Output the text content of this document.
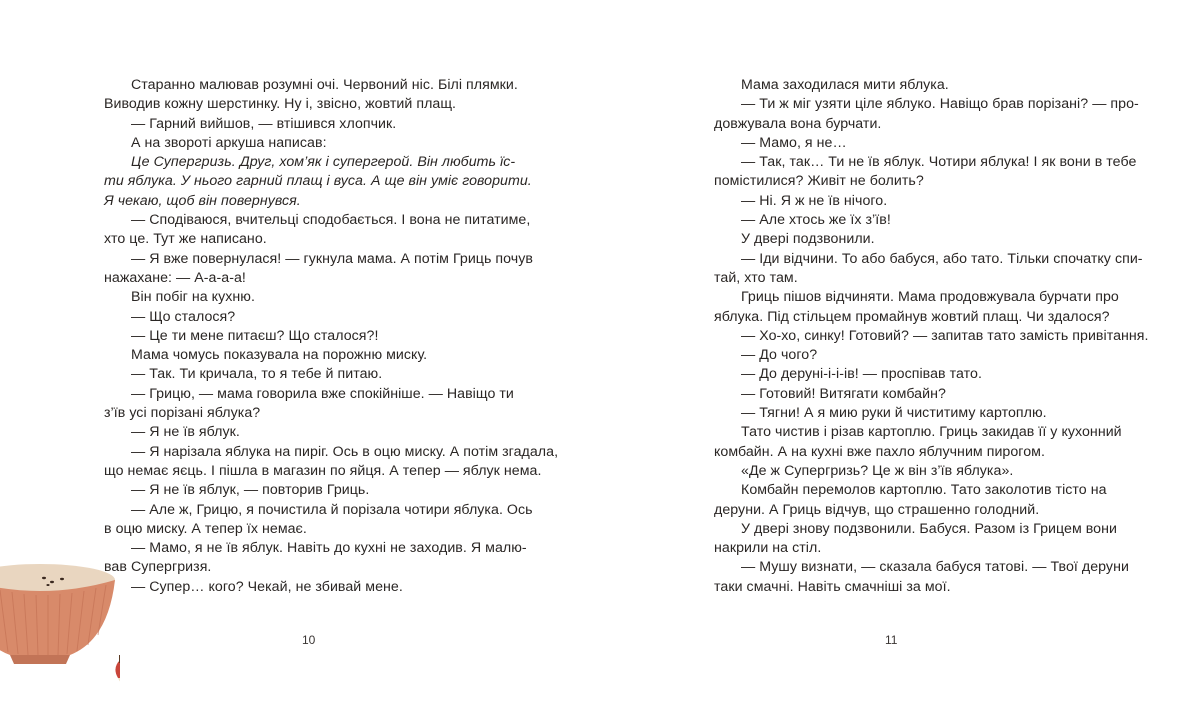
Старанно малював розумні очі. Червоний ніс. Білі плямки.
Виводив кожну шерстинку. Ну і, звісно, жовтий плащ.
— Гарний вийшов, — втішився хлопчик.
А на звороті аркуша написав:
Це Супергризь. Друг, хом’як і супергерой. Він любить їс-
ти яблука. У нього гарний плащ і вуса. А ще він уміє говорити.
Я чекаю, щоб він повернувся.
— Сподіваюся, вчительці сподобається. І вона не питатиме,
хто це. Тут же написано.
— Я вже повернулася! — гукнула мама. А потім Гриць почув
нажахане: — А-а-а-а!
Він побіг на кухню.
— Що сталося?
— Це ти мене питаєш? Що сталося?!
Мама чомусь показувала на порожню миску.
— Так. Ти кричала, то я тебе й питаю.
— Грицю, — мама говорила вже спокійніше. — Навіщо ти
з’їв усі порізані яблука?
— Я не їв яблук.
— Я нарізала яблука на пиріг. Ось в оцю миску. А потім згадала,
що немає яєць. І пішла в магазин по яйця. А тепер — яблук нема.
— Я не їв яблук, — повторив Гриць.
— Але ж, Грицю, я почистила й порізала чотири яблука. Ось
в оцю миску. А тепер їх немає.
— Мамо, я не їв яблук. Навіть до кухні не заходив. Я малю-
вав Супергризя.
— Супер… кого? Чекай, не збивай мене.
10
Мама заходилася мити яблука.
— Ти ж міг узяти ціле яблуко. Навіщо брав порізані? — про-
довжувала вона бурчати.
— Мамо, я не…
— Так, так… Ти не їв яблук. Чотири яблука! І як вони в тебе
помістилися? Живіт не болить?
— Ні. Я ж не їв нічого.
— Але хтось же їх з’їв!
У двері подзвонили.
— Іди відчини. То або бабуся, або тато. Тільки спочатку спи-
тай, хто там.
Гриць пішов відчиняти. Мама продовжувала бурчати про
яблука. Під стільцем промайнув жовтий плащ. Чи здалося?
— Хо-хо, синку! Готовий? — запитав тато замість привітання.
— До чого?
— До деруні-і-і-ів! — проспівав тато.
— Готовий! Витягати комбайн?
— Тягни! А я мию руки й чиститиму картоплю.
Тато чистив і різав картоплю. Гриць закидав її у кухонний
комбайн. А на кухні вже пахло яблучним пирогом.
«Де ж Супергризь? Це ж він з’їв яблука».
Комбайн перемолов картоплю. Тато заколотив тісто на
деруни. А Гриць відчув, що страшенно голодний.
У двері знову подзвонили. Бабуся. Разом із Грицем вони
накрили на стіл.
— Мушу визнати, — сказала бабуся татові. — Твої деруни
таки смачні. Навіть смачніші за мої.
11
